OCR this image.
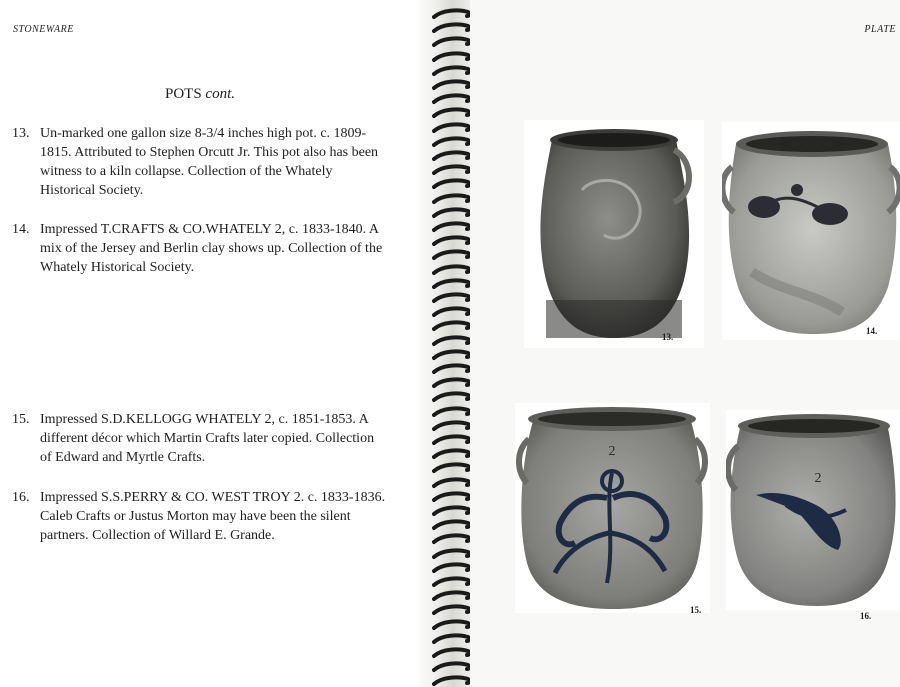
STONEWARE
POTS cont.
13. Un-marked one gallon size 8-3/4 inches high pot. c. 1809-1815. Attributed to Stephen Orcutt Jr. This pot also has been witness to a kiln collapse. Collection of the Whately Historical Society.
14. Impressed T.CRAFTS & CO.WHATELY 2, c. 1833-1840. A mix of the Jersey and Berlin clay shows up. Collection of the Whately Historical Society.
15. Impressed S.D.KELLOGG WHATELY 2, c. 1851-1853. A different décor which Martin Crafts later copied. Collection of Edward and Myrtle Crafts.
16. Impressed S.S.PERRY & CO. WEST TROY 2. c. 1833-1836. Caleb Crafts or Justus Morton may have been the silent partners. Collection of Willard E. Grande.
PLATE
13.
14.
2
15.
2
16.
